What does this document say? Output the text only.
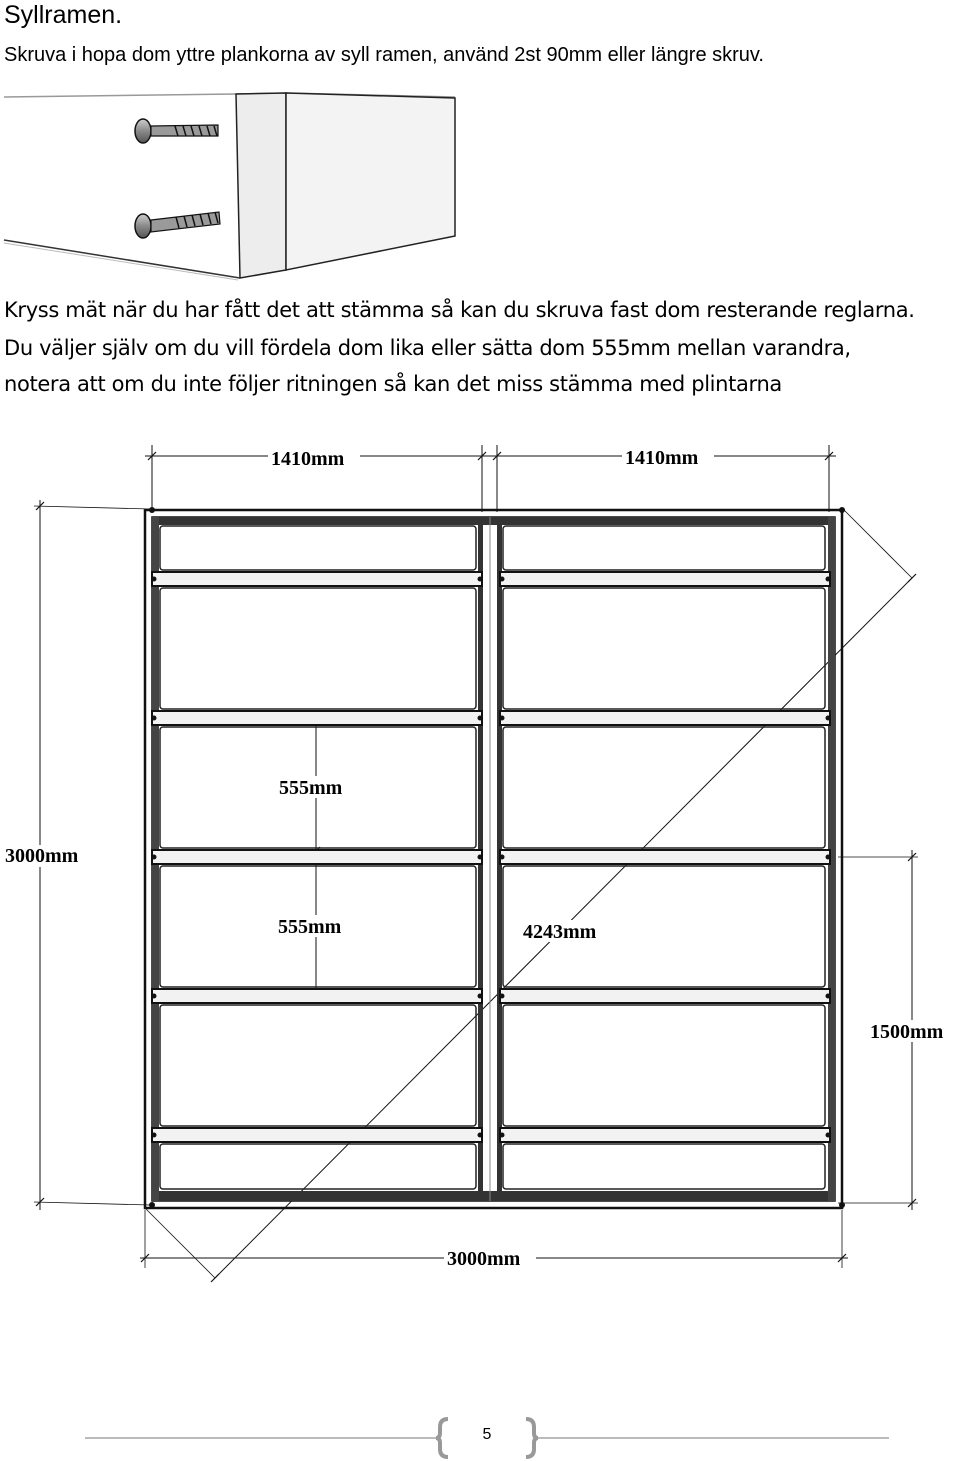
Syllramen.
Skruva i hopa dom yttre plankorna av syll ramen, använd 2st 90mm eller längre skruv.
1410mm	1410mm
3000mm
555mm
555mm	4243mm
1500mm
3000mm
Kryss mät när du har fått det att stämma så kan du skruva fast dom resterande reglarna.
Du väljer själv om du vill fördela dom lika eller sätta dom 555mm mellan varandra,
notera att om du inte följer ritningen så kan det miss stämma med plintarna
5
